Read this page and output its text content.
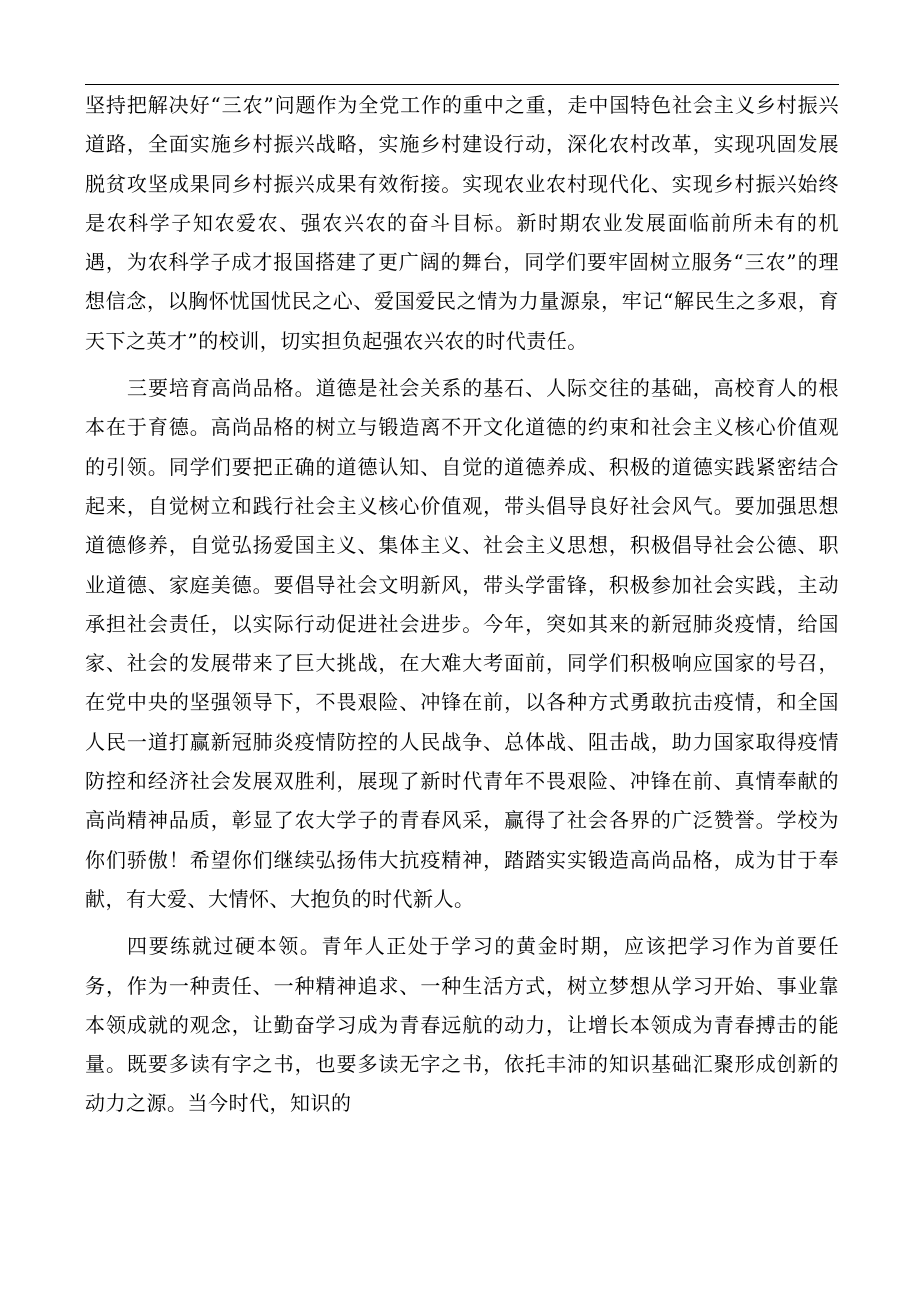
坚持把解决好“三农”问题作为全党工作的重中之重，走中国特色社会主义乡村振兴道路，全面实施乡村振兴战略，实施乡村建设行动，深化农村改革，实现巩固发展脱贫攻坚成果同乡村振兴成果有效衔接。实现农业农村现代化、实现乡村振兴始终是农科学子知农爱农、强农兴农的奋斗目标。新时期农业发展面临前所未有的机遇，为农科学子成才报国搭建了更广阔的舞台，同学们要牢固树立服务“三农”的理想信念，以胸怀忧国忧民之心、爱国爱民之情为力量源泉，牢记“解民生之多艰，育天下之英才”的校训，切实担负起强农兴农的时代责任。

三要培育高尚品格。道德是社会关系的基石、人际交往的基础，高校育人的根本在于育德。高尚品格的树立与锻造离不开文化道德的约束和社会主义核心价值观的引领。同学们要把正确的道德认知、自觉的道德养成、积极的道德实践紧密结合起来，自觉树立和践行社会主义核心价值观，带头倡导良好社会风气。要加强思想道德修养，自觉弘扬爱国主义、集体主义、社会主义思想，积极倡导社会公德、职业道德、家庭美德。要倡导社会文明新风，带头学雷锋，积极参加社会实践，主动承担社会责任，以实际行动促进社会进步。今年，突如其来的新冠肺炎疫情，给国家、社会的发展带来了巨大挑战，在大难大考面前，同学们积极响应国家的号召，在党中央的坚强领导下，不畏艰险、冲锋在前，以各种方式勇敢抗击疫情，和全国人民一道打赢新冠肺炎疫情防控的人民战争、总体战、阻击战，助力国家取得疫情防控和经济社会发展双胜利，展现了新时代青年不畏艰险、冲锋在前、真情奉献的高尚精神品质，彰显了农大学子的青春风采，赢得了社会各界的广泛赞誉。学校为你们骄傲！希望你们继续弘扬伟大抗疫精神，踏踏实实锻造高尚品格，成为甘于奉献，有大爱、大情怀、大抱负的时代新人。

四要练就过硬本领。青年人正处于学习的黄金时期，应该把学习作为首要任务，作为一种责任、一种精神追求、一种生活方式，树立梦想从学习开始、事业靠本领成就的观念，让勤奋学习成为青春远航的动力，让增长本领成为青春搏击的能量。既要多读有字之书，也要多读无字之书，依托丰沛的知识基础汇聚形成创新的动力之源。当今时代，知识的
